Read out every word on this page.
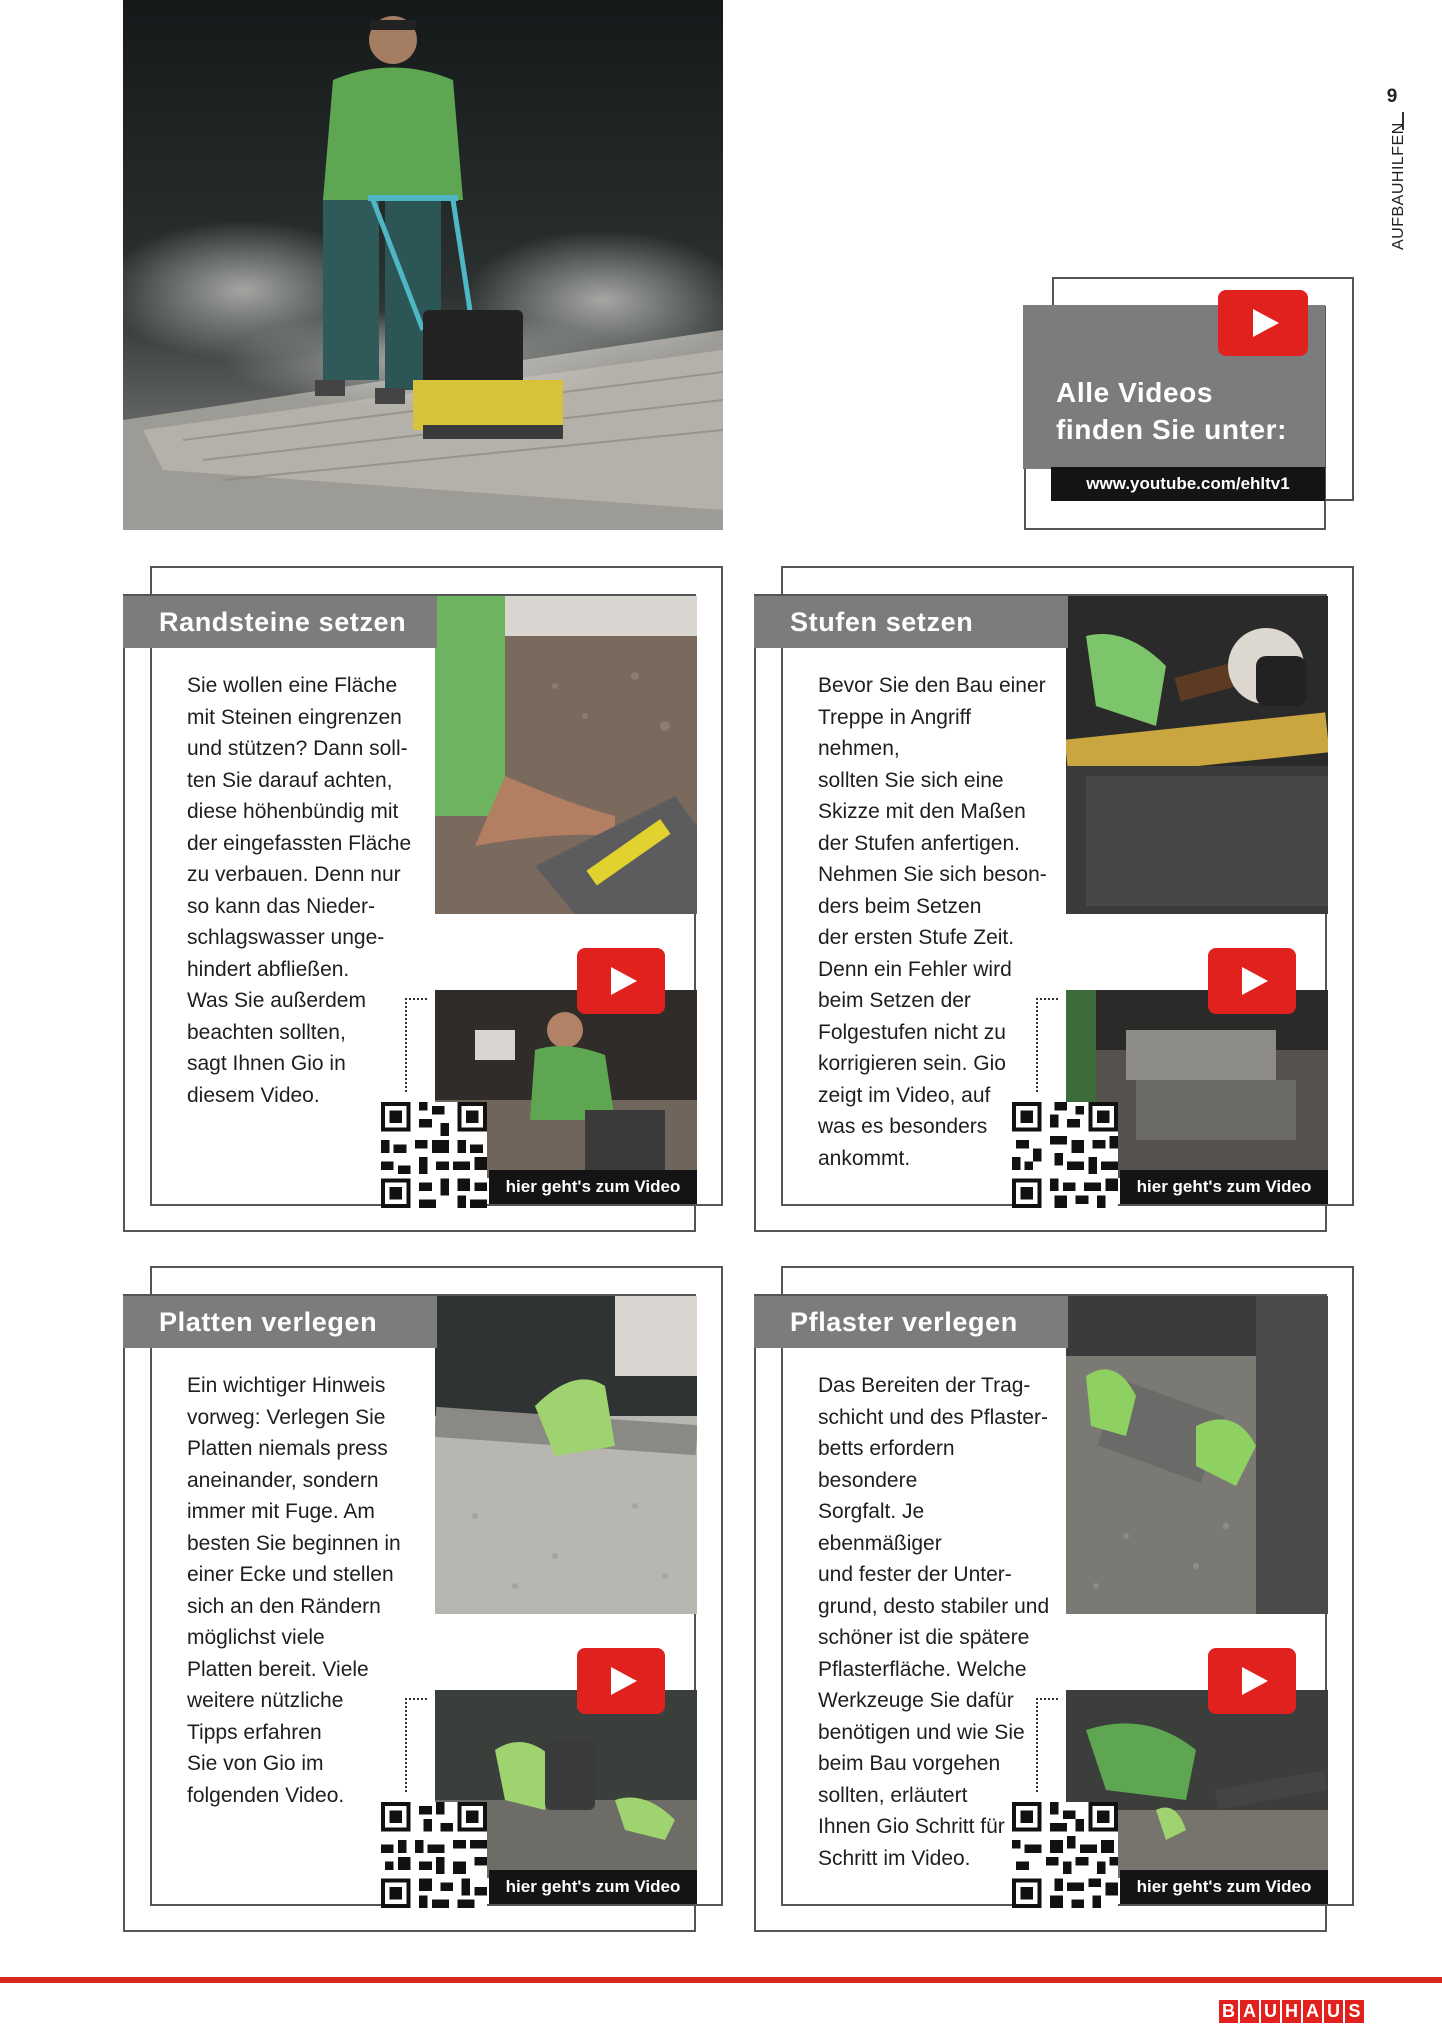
9
AUFBAUHILFEN
Alle Videos
finden Sie unter:
www.youtube.com/ehltv1
Randsteine setzen
Sie wollen eine Fläche
mit Steinen eingrenzen
und stützen? Dann soll-
ten Sie darauf achten,
diese höhenbündig mit
der eingefassten Fläche
zu verbauen. Denn nur
so kann das Nieder-
schlagswasser unge-
hindert abfließen.
Was Sie außerdem
beachten sollten,
sagt Ihnen Gio in
diesem Video.
hier geht's zum Video
Stufen setzen
Bevor Sie den Bau einer
Treppe in Angriff nehmen,
sollten Sie sich eine
Skizze mit den Maßen
der Stufen anfertigen.
Nehmen Sie sich beson-
ders beim Setzen
der ersten Stufe Zeit.
Denn ein Fehler wird
beim Setzen der
Folgestufen nicht zu
korrigieren sein. Gio
zeigt im Video, auf
was es besonders
ankommt.
hier geht's zum Video
Platten verlegen
Ein wichtiger Hinweis
vorweg: Verlegen Sie
Platten niemals press
aneinander, sondern
immer mit Fuge. Am
besten Sie beginnen in
einer Ecke und stellen
sich an den Rändern
möglichst viele
Platten bereit. Viele
weitere nützliche
Tipps erfahren
Sie von Gio im
folgenden Video.
hier geht's zum Video
Pflaster verlegen
Das Bereiten der Trag-
schicht und des Pflaster-
betts erfordern besondere
Sorgfalt. Je ebenmäßiger
und fester der Unter-
grund, desto stabiler und
schöner ist die spätere
Pflasterfläche. Welche
Werkzeuge Sie dafür
benötigen und wie Sie
beim Bau vorgehen
sollten, erläutert
Ihnen Gio Schritt für
Schritt im Video.
hier geht's zum Video
B A U H A U S
